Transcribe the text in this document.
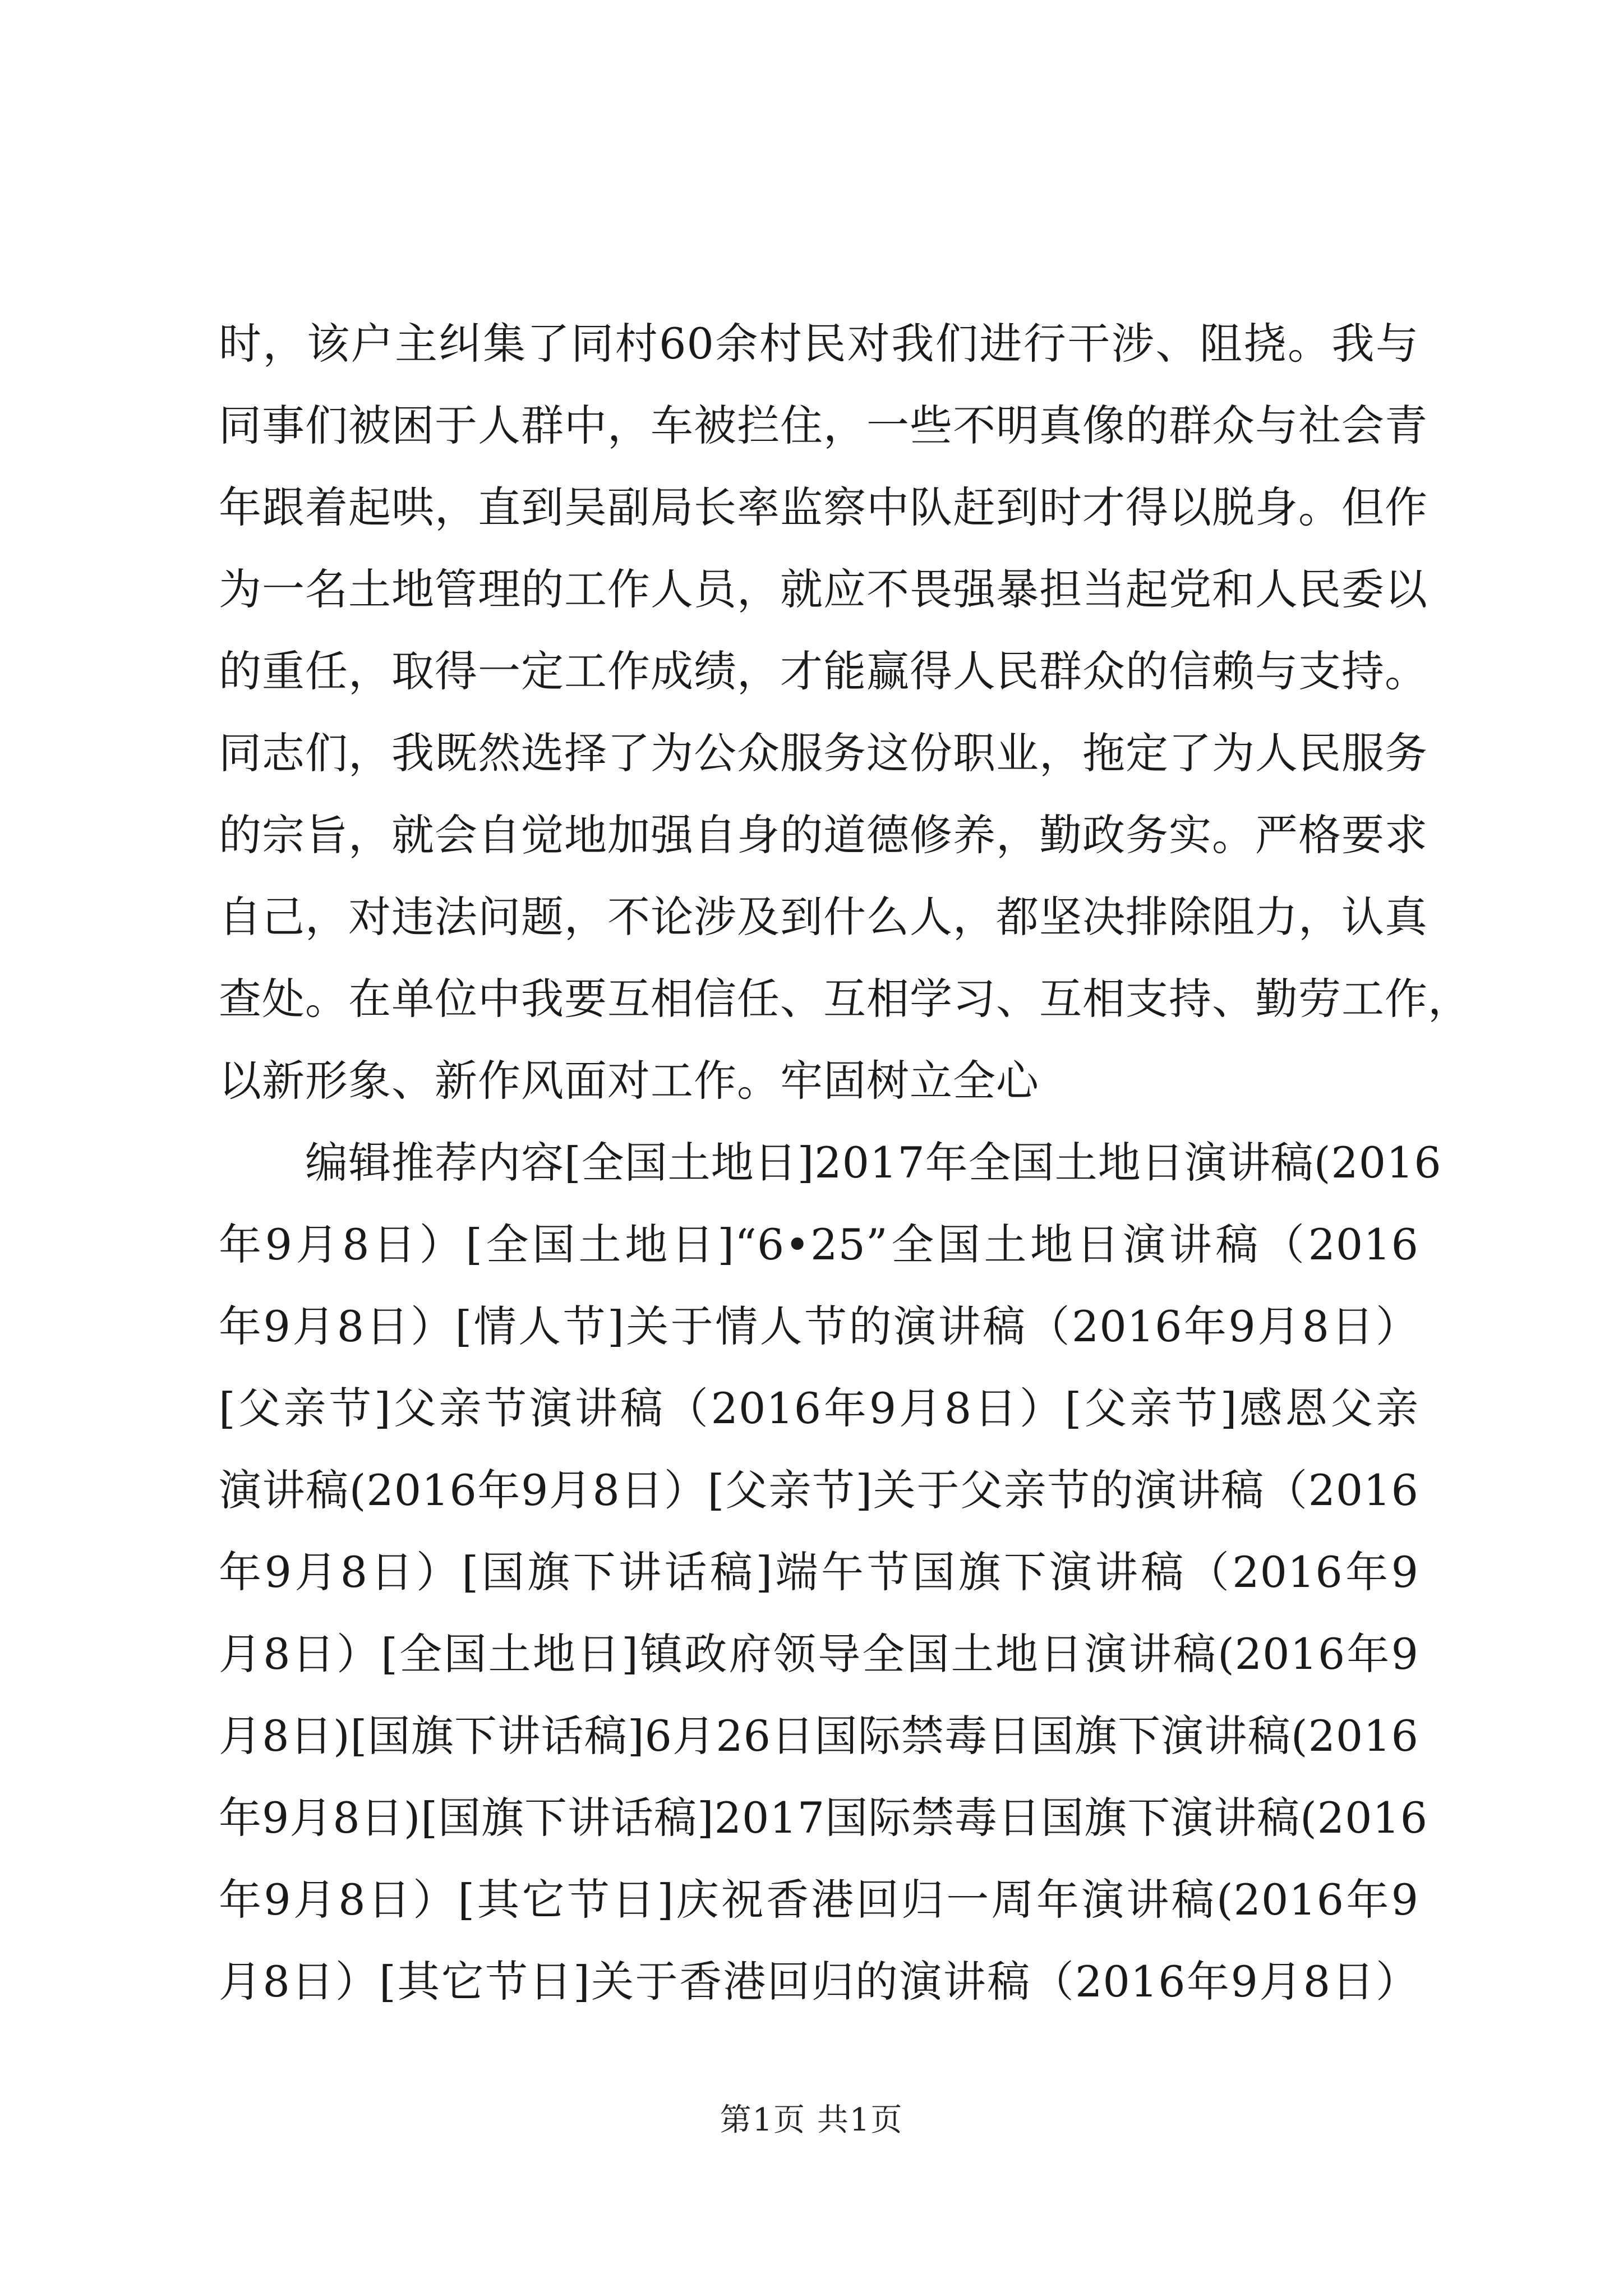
时，该户主纠集了同村60余村民对我们进行干涉、阻挠。我与
同事们被困于人群中，车被拦住，一些不明真像的群众与社会青
年跟着起哄，直到吴副局长率监察中队赶到时才得以脱身。但作
为一名土地管理的工作人员，就应不畏强暴担当起党和人民委以
的重任，取得一定工作成绩，才能赢得人民群众的信赖与支持。
同志们，我既然选择了为公众服务这份职业，拖定了为人民服务
的宗旨，就会自觉地加强自身的道德修养，勤政务实。严格要求
自己，对违法问题，不论涉及到什么人，都坚决排除阻力，认真
查处。在单位中我要互相信任、互相学习、互相支持、勤劳工作，
以新形象、新作风面对工作。牢固树立全心
　　编辑推荐内容[全国土地日]2017年全国土地日演讲稿(2016
年9月8日）[全国土地日]“6•25”全国土地日演讲稿（2016
年9月8日）[情人节]关于情人节的演讲稿（2016年9月8日）
[父亲节]父亲节演讲稿（2016年9月8日）[父亲节]感恩父亲
演讲稿(2016年9月8日）[父亲节]关于父亲节的演讲稿（2016
年9月8日）[国旗下讲话稿]端午节国旗下演讲稿（2016年9
月8日）[全国土地日]镇政府领导全国土地日演讲稿(2016年9
月8日)[国旗下讲话稿]6月26日国际禁毒日国旗下演讲稿(2016
年9月8日)[国旗下讲话稿]2017国际禁毒日国旗下演讲稿(2016
年9月8日）[其它节日]庆祝香港回归一周年演讲稿(2016年9
月8日）[其它节日]关于香港回归的演讲稿（2016年9月8日）
第1页 共1页
